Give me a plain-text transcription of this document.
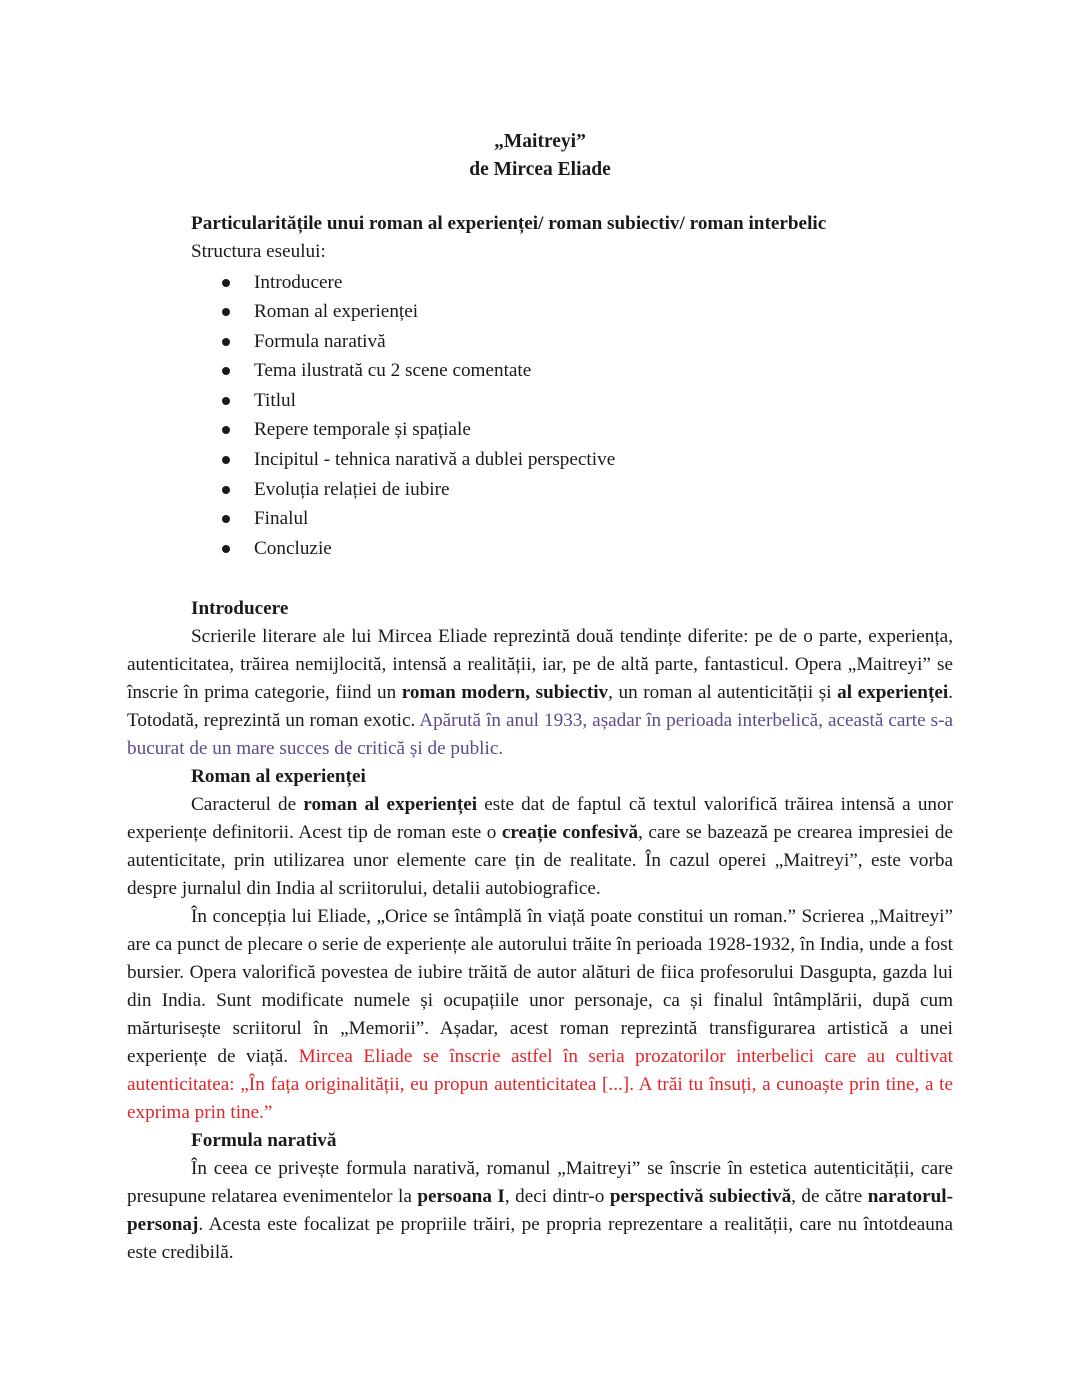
„Maitreyi”
de Mircea Eliade
Particularitățile unui roman al experienței/ roman subiectiv/ roman interbelic
Structura eseului:
Introducere
Roman al experienței
Formula narativă
Tema ilustrată cu 2 scene comentate
Titlul
Repere temporale și spațiale
Incipitul - tehnica narativă a dublei perspective
Evoluția relației de iubire
Finalul
Concluzie
Introducere

Scrierile literare ale lui Mircea Eliade reprezintă două tendințe diferite: pe de o parte, experiența, autenticitatea, trăirea nemijlocită, intensă a realității, iar, pe de altă parte, fantasticul. Opera „Maitreyi” se înscrie în prima categorie, fiind un roman modern, subiectiv, un roman al autenticității și al experienței. Totodată, reprezintă un roman exotic. Apărută în anul 1933, așadar în perioada interbelică, această carte s-a bucurat de un mare succes de critică și de public.

Roman al experienței

Caracterul de roman al experienței este dat de faptul că textul valorifică trăirea intensă a unor experiențe definitorii. Acest tip de roman este o creație confesivă, care se bazează pe crearea impresiei de autenticitate, prin utilizarea unor elemente care țin de realitate. În cazul operei „Maitreyi”, este vorba despre jurnalul din India al scriitorului, detalii autobiografice.

În concepția lui Eliade, „Orice se întâmplă în viață poate constitui un roman.” Scrierea „Maitreyi” are ca punct de plecare o serie de experiențe ale autorului trăite în perioada 1928-1932, în India, unde a fost bursier. Opera valorifică povestea de iubire trăită de autor alături de fiica profesorului Dasgupta, gazda lui din India. Sunt modificate numele și ocupațiile unor personaje, ca și finalul întâmplării, după cum mărturisește scriitorul în „Memorii”. Așadar, acest roman reprezintă transfigurarea artistică a unei experiențe de viață. Mircea Eliade se înscrie astfel în seria prozatorilor interbelici care au cultivat autenticitatea: „În fața originalității, eu propun autenticitatea [...]. A trăi tu însuți, a cunoaște prin tine, a te exprima prin tine.”

Formula narativă

În ceea ce privește formula narativă, romanul „Maitreyi” se înscrie în estetica autenticității, care presupune relatarea evenimentelor la persoana I, deci dintr-o perspectivă subiectivă, de către naratorul-personaj. Acesta este focalizat pe propriile trăiri, pe propria reprezentare a realității, care nu întotdeauna este credibilă.
